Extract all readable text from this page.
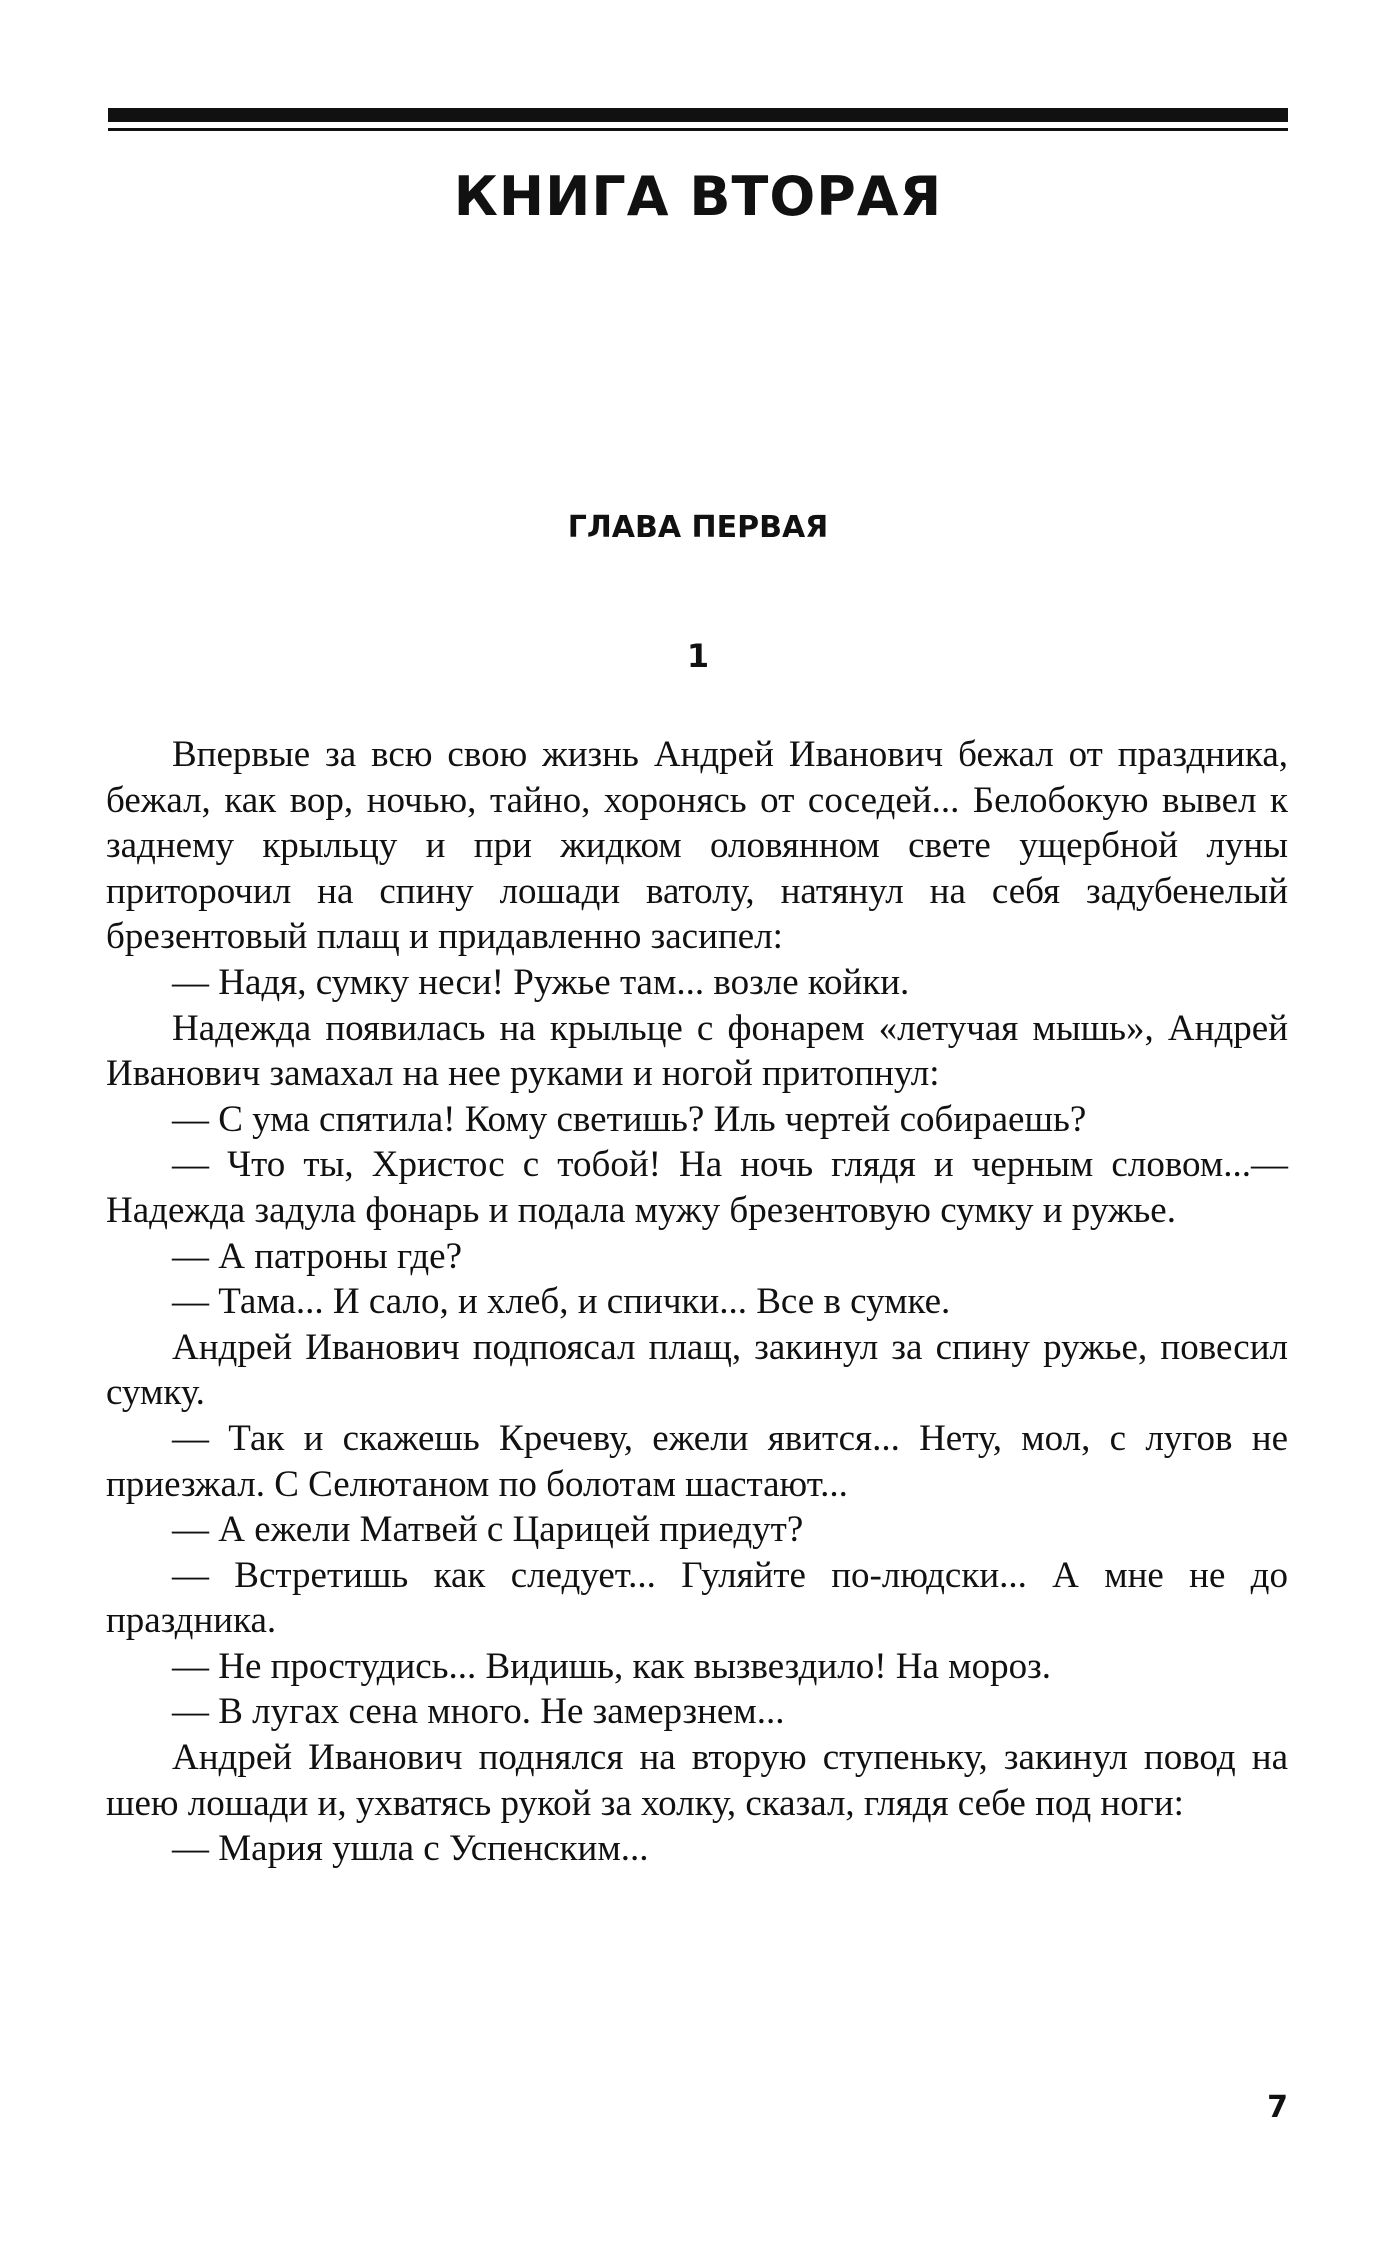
КНИГА ВТОРАЯ
ГЛАВА ПЕРВАЯ
1

Впервые за всю свою жизнь Андрей Иванович бежал от праздника, бежал, как вор, ночью, тайно, хоронясь от соседей... Белобокую вывел к заднему крыльцу и при жидком оловянном свете ущербной луны приторочил на спину лошади ватолу, натянул на себя задубенелый брезентовый плащ и придавленно засипел:

— Надя, сумку неси! Ружье там... возле койки.

Надежда появилась на крыльце с фонарем «летучая мышь», Андрей Иванович замахал на нее руками и ногой притопнул:

— С ума спятила! Кому светишь? Иль чертей собираешь?

— Что ты, Христос с тобой! На ночь глядя и черным словом...— Надежда задула фонарь и подала мужу брезентовую сумку и ружье.

— А патроны где?

— Тама... И сало, и хлеб, и спички... Все в сумке.

Андрей Иванович подпоясал плащ, закинул за спину ружье, повесил сумку.

— Так и скажешь Кречеву, ежели явится... Нету, мол, с лугов не приезжал. С Селютаном по болотам шастают...

— А ежели Матвей с Царицей приедут?

— Встретишь как следует... Гуляйте по-людски... А мне не до праздника.

— Не простудись... Видишь, как вызвездило! На мороз.

— В лугах сена много. Не замерзнем...

Андрей Иванович поднялся на вторую ступеньку, закинул повод на шею лошади и, ухватясь рукой за холку, сказал, глядя себе под ноги:

— Мария ушла с Успенским...

7
